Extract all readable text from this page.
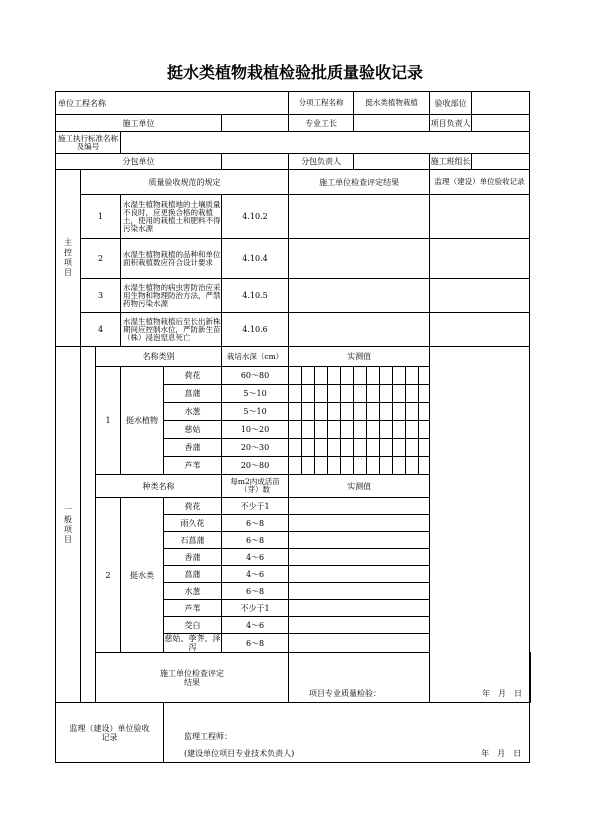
挺水类植物栽植检验批质量验收记录
单位工程名称						分项工程名称					挺水类植物栽植						验收部位	
施工单位						专业工长											项目负责人	
施工执行标准名称及编号																		
分包单位						分包负责人											施工班组长	

主控项目	质量验收规范的规定					施工单位检查评定结果											监理（建设）单位验收记录	
	1		水湿生植物栽植地的土壤质量不良时，应更换合格的栽植土，使用的栽植土和肥料不得污染水源		4.10.2													
	2		水湿生植物栽植的品种和单位面积栽植数应符合设计要求		4.10.4													
	3		水湿生植物的病虫害防治应采用生物和物理防治方法，严禁药物污染水源		4.10.5													
	4		水湿生植物栽植后至长出新株期间应控制水位，严防新生苗（株）浸泡窒息死亡		4.10.6													

一般项目		名称类别			栽培水深（cm）	实测值												
		1	挺水植物	荷花	60～80													
				菖蒲	5～10													
				水葱	5～10													
				慈姑	10～20													
				香蒲	20～30													
				芦苇	20～80													
		种类名称			每m2内成活苗（芽）数	实测值												
		2	挺水类	荷花	不少于1													
				雨久花	6～8													
				石菖蒲	6～8													
				香蒲	4～6													
				菖蒲	4～6													
				水葱	6～8													
				芦苇	不少于1													
				茭白	4～6													
				慈姑、荸荠、泽泻	6～8													

		施工单位检查评定结果				项目专业质量检验： 年　月　日												

监理（建设）单位验收记录				监理工程师：
(建设单位项目专业技术负责人) 年　月　日														
